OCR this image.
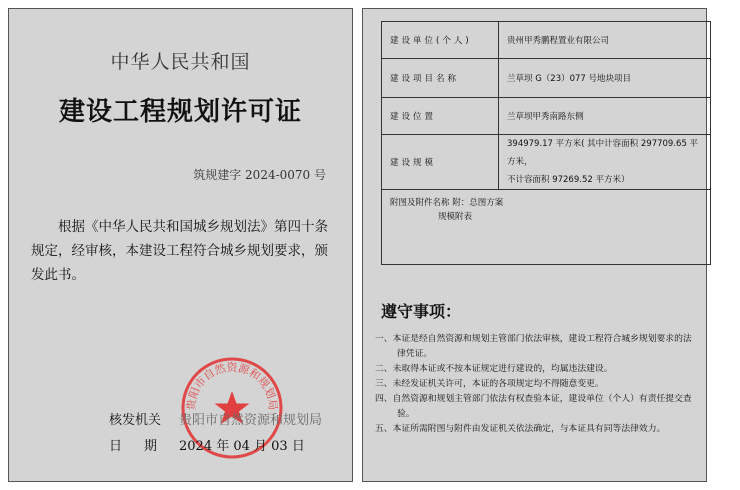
中华人民共和国
建设工程规划许可证
筑规建字 2024-0070 号
根据《中华人民共和国城乡规划法》第四十条规定，经审核，本建设工程符合城乡规划要求，颁发此书。
贵阳市自然资源和规划局
核发机关 贵阳市自然资源和规划局
日期 2024 年 04 月 03 日
建设单位(个人)	贵州甲秀鹏程置业有限公司
建设项目名称	兰草坝 G（23）077 号地块项目
建设位置	兰草坝甲秀南路东侧
建设规模	394979.17 平方米( 其中计容面积 297709.65 平方米，
不计容面积 97269.52 平方米）

附图及附件名称 附：总图方案
规模附表	
遵守事项：
一、本证是经自然资源和规划主管部门依法审核，建设工程符合城乡规划要求的法律凭证。
二、未取得本证或不按本证规定进行建设的，均属违法建设。
三、未经发证机关许可，本证的各项规定均不得随意变更。
四、自然资源和规划主管部门依法有权查验本证，建设单位（个人）有责任提交查验。
五、本证所需附图与附件由发证机关依法确定，与本证具有同等法律效力。
